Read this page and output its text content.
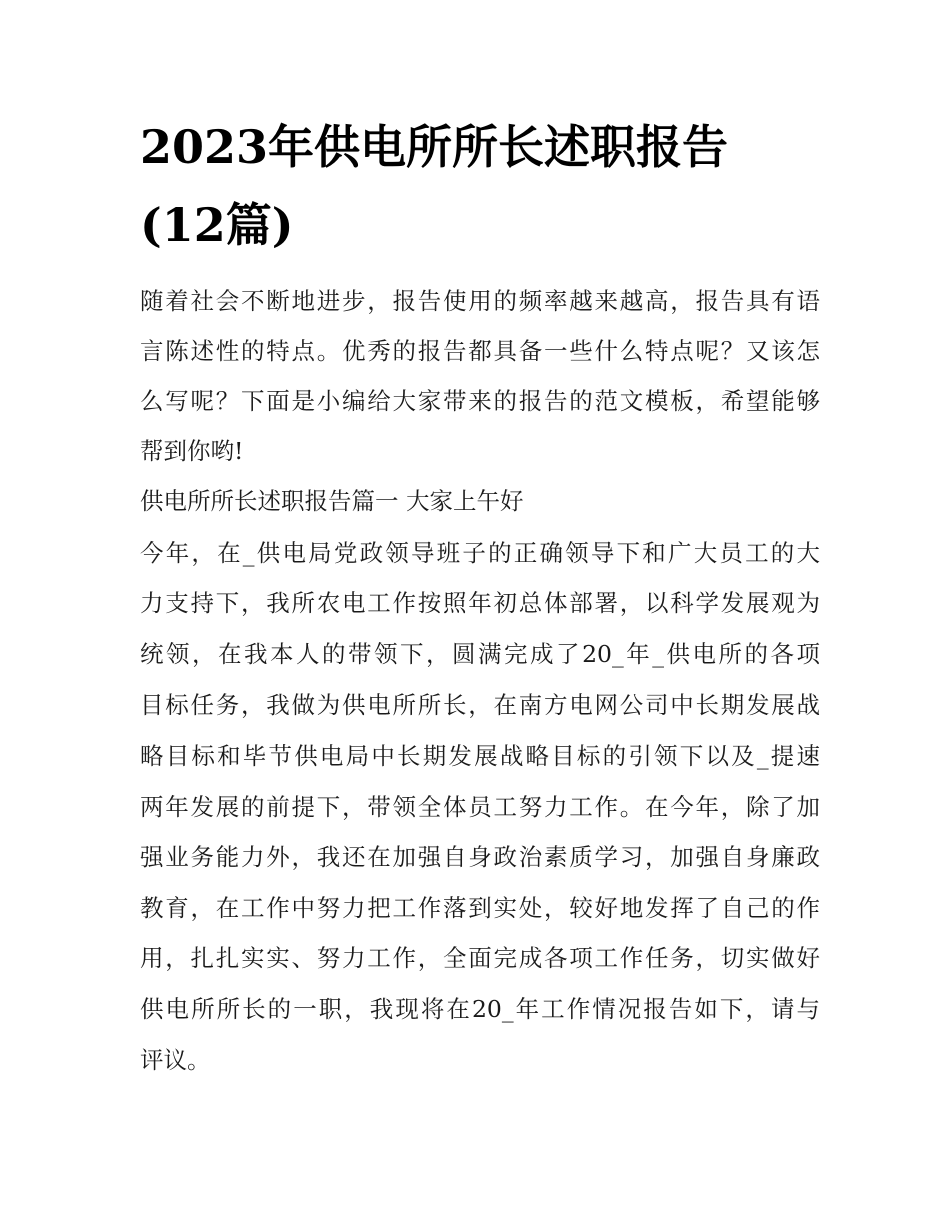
2023年供电所所长述职报告
(12篇)
随着社会不断地进步，报告使用的频率越来越高，报告具有语
言陈述性的特点。优秀的报告都具备一些什么特点呢？又该怎
么写呢？下面是小编给大家带来的报告的范文模板，希望能够
帮到你哟!
供电所所长述职报告篇一 大家上午好
今年，在_供电局党政领导班子的正确领导下和广大员工的大
力支持下，我所农电工作按照年初总体部署，以科学发展观为
统领，在我本人的带领下，圆满完成了20_年_供电所的各项
目标任务，我做为供电所所长，在南方电网公司中长期发展战
略目标和毕节供电局中长期发展战略目标的引领下以及_提速
两年发展的前提下，带领全体员工努力工作。在今年，除了加
强业务能力外，我还在加强自身政治素质学习，加强自身廉政
教育，在工作中努力把工作落到实处，较好地发挥了自己的作
用，扎扎实实、努力工作，全面完成各项工作任务，切实做好
供电所所长的一职，我现将在20_年工作情况报告如下，请与
评议。
